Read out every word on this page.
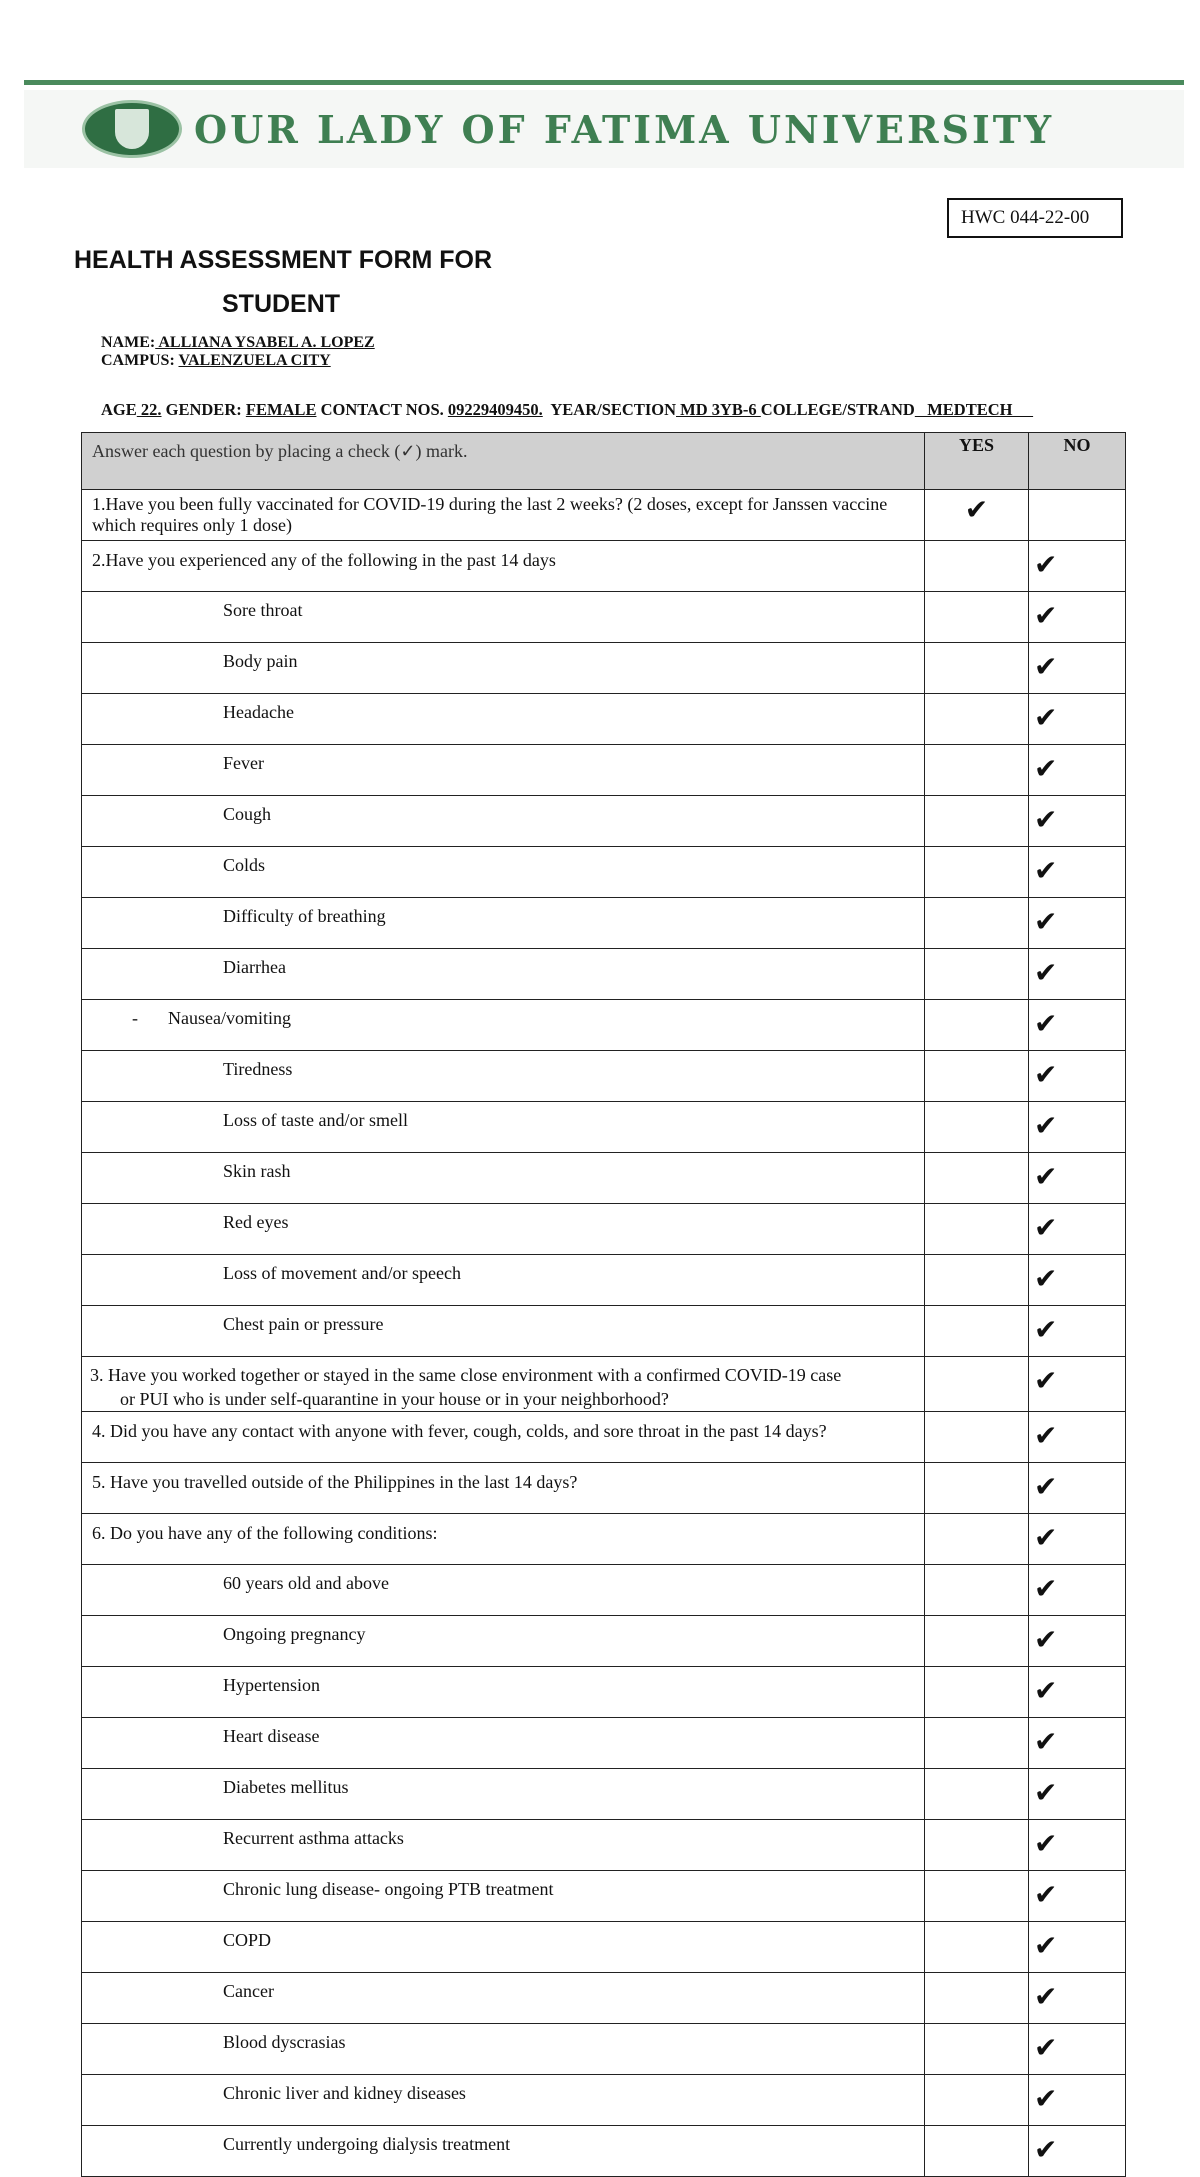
OUR LADY OF FATIMA UNIVERSITY
HWC 044-22-00
HEALTH ASSESSMENT FORM FOR
STUDENT
NAME: ALLIANA YSABEL A. LOPEZ
CAMPUS: VALENZUELA CITY
AGE 22. GENDER: FEMALE CONTACT NOS. 09229409450.  YEAR/SECTION MD 3YB-6 COLLEGE/STRAND   MEDTECH
Answer each question by placing a check (✓) mark.	YES	NO
1.Have you been fully vaccinated for COVID-19 during the last 2 weeks? (2 doses, except for Janssen vaccine which requires only 1 dose)	✔	
2.Have you experienced any of the following in the past 14 days		✔
Sore throat		✔
Body pain		✔
Headache		✔
Fever		✔
Cough		✔
Colds		✔
Difficulty of breathing		✔
Diarrhea		✔
- Nausea/vomiting		✔
Tiredness		✔
Loss of taste and/or smell		✔
Skin rash		✔
Red eyes		✔
Loss of movement and/or speech		✔
Chest pain or pressure		✔
3. Have you worked together or stayed in the same close environment with a confirmed COVID-19 case
or PUI who is under self-quarantine in your house or in your neighborhood?		✔
4. Did you have any contact with anyone with fever, cough, colds, and sore throat in the past 14 days?		✔
5. Have you travelled outside of the Philippines in the last 14 days?		✔
6. Do you have any of the following conditions:		✔
60 years old and above		✔
Ongoing pregnancy		✔
Hypertension		✔
Heart disease		✔
Diabetes mellitus		✔
Recurrent asthma attacks		✔
Chronic lung disease- ongoing PTB treatment		✔
COPD		✔
Cancer		✔
Blood dyscrasias		✔
Chronic liver and kidney diseases		✔
Currently undergoing dialysis treatment		✔
